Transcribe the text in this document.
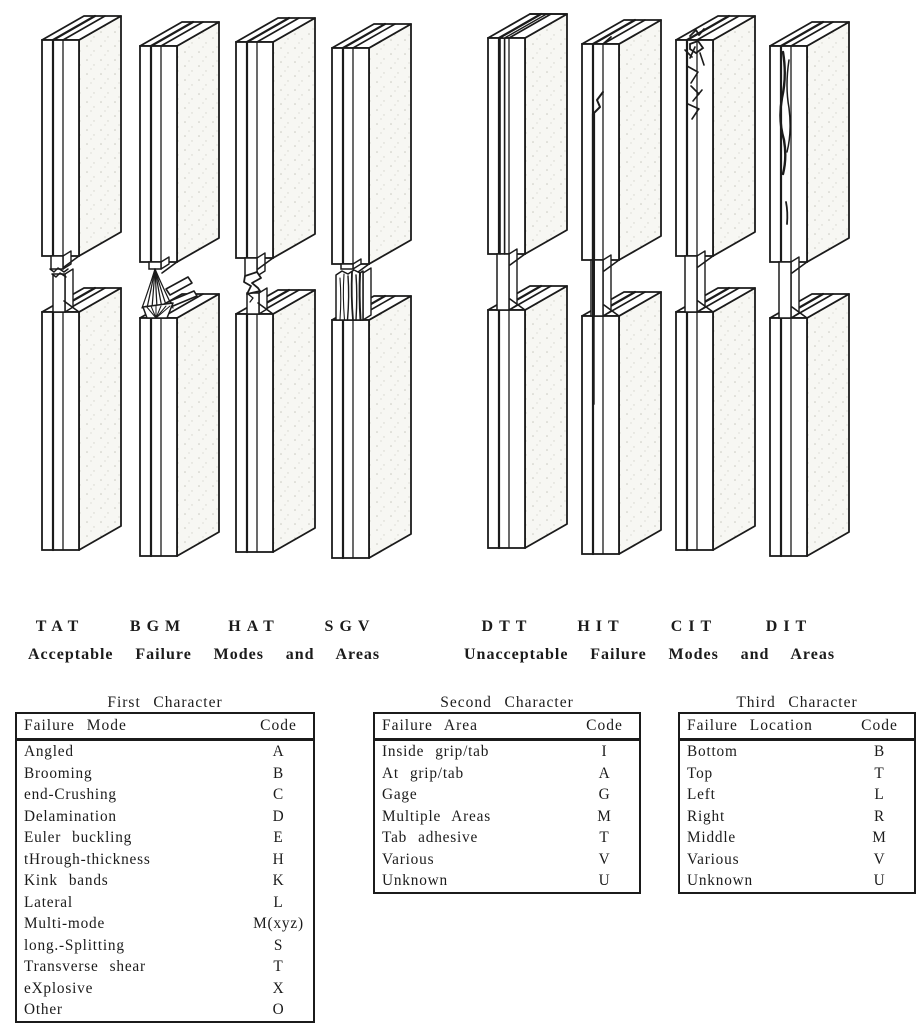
TAT	BGM	HAT	SGV	DTT	HIT	CIT	DIT
Acceptable Failure Modes and Areas	Unacceptable Failure Modes and Areas
First Character
Failure Mode	Code
Angled	A
Brooming	B
end-Crushing	C
Delamination	D
Euler buckling	E
tHrough-thickness	H
Kink bands	K
Lateral	L
Multi-mode	M(xyz)
long.-Splitting	S
Transverse shear	T
eXplosive	X
Other	O
Second Character
Failure Area	Code
Inside grip/tab	I
At grip/tab	A
Gage	G
Multiple Areas	M
Tab adhesive	T
Various	V
Unknown	U
Third Character
Failure Location	Code
Bottom	B
Top	T
Left	L
Right	R
Middle	M
Various	V
Unknown	U
